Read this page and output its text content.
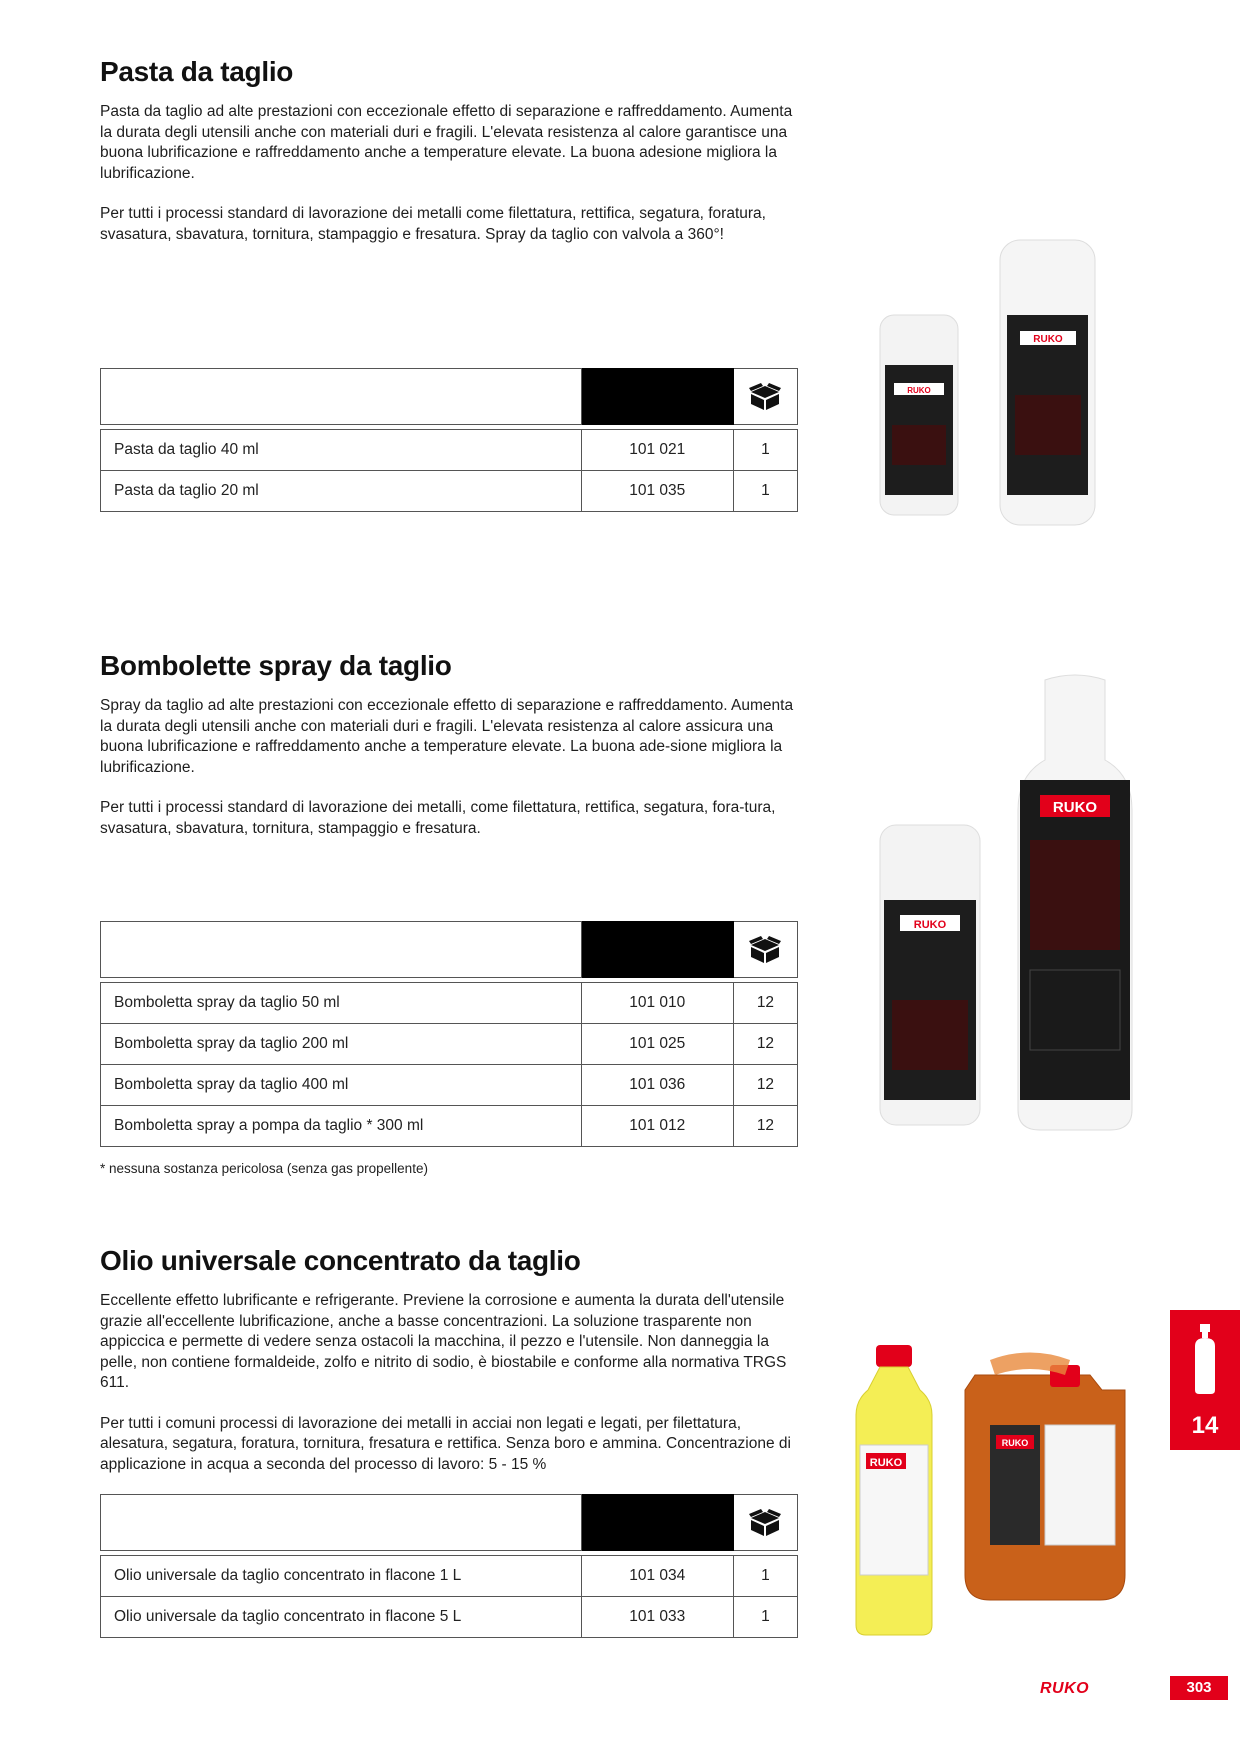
Pasta da taglio

Pasta da taglio ad alte prestazioni con eccezionale effetto di separazione e raffreddamento. Aumenta la durata degli utensili anche con materiali duri e fragili. L'elevata resistenza al calore garantisce una buona lubrificazione e raffreddamento anche a temperature elevate. La buona adesione migliora la lubrificazione.

Per tutti i processi standard di lavorazione dei metalli come filettatura, rettifica, segatura, foratura, svasatura, sbavatura, tornitura, stampaggio e fresatura. Spray da taglio con valvola a 360°!

Pasta da taglio 40 ml	101 021	1
Pasta da taglio 20 ml	101 035	1
RUKO
RUKO
Bombolette spray da taglio

Spray da taglio ad alte prestazioni con eccezionale effetto di separazione e raffreddamento. Aumenta la durata degli utensili anche con materiali duri e fragili. L'elevata resistenza al calore assicura una buona lubrificazione e raffreddamento anche a temperature elevate. La buona ade-sione migliora la lubrificazione.

Per tutti i processi standard di lavorazione dei metalli, come filettatura, rettifica, segatura, fora-tura, svasatura, sbavatura, tornitura, stampaggio e fresatura.

Bomboletta spray da taglio 50 ml	101 010	12
Bomboletta spray da taglio 200 ml	101 025	12
Bomboletta spray da taglio 400 ml	101 036	12
Bomboletta spray a pompa da taglio * 300 ml	101 012	12
* nessuna sostanza pericolosa (senza gas propellente)
RUKO
RUKO
Olio universale concentrato da taglio

Eccellente effetto lubrificante e refrigerante. Previene la corrosione e aumenta la durata dell'utensile grazie all'eccellente lubrificazione, anche a basse concentrazioni. La soluzione trasparente non appiccica e permette di vedere senza ostacoli la macchina, il pezzo e l'utensile. Non danneggia la pelle, non contiene formaldeide, zolfo e nitrito di sodio, è biostabile e conforme alla normativa TRGS 611.

Per tutti i comuni processi di lavorazione dei metalli in acciai non legati e legati, per filettatura, alesatura, segatura, foratura, tornitura, fresatura e rettifica. Senza boro e ammina. Concentrazione di applicazione in acqua a seconda del processo di lavoro: 5 - 15 %

Olio universale da taglio concentrato in flacone 1 L	101 034	1
Olio universale da taglio concentrato in flacone 5 L	101 033	1
RUKO
RUKO
14
RUKO	303
